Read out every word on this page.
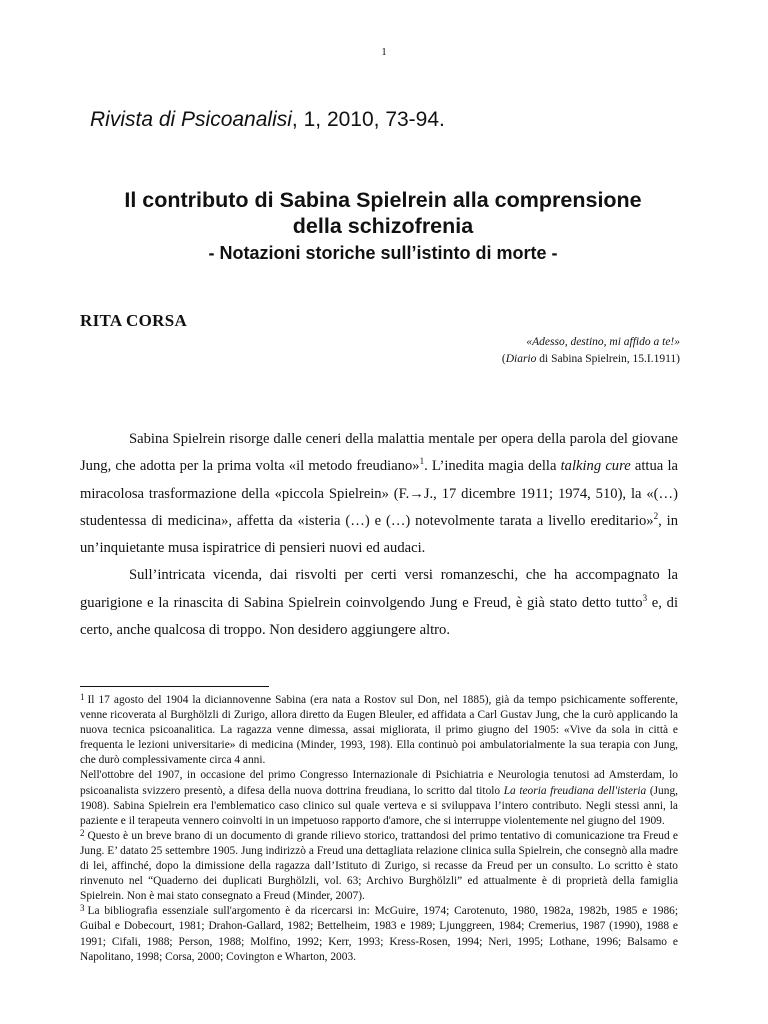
1
Rivista di Psicoanalisi, 1, 2010, 73-94.
Il contributo di Sabina Spielrein alla comprensione
della schizofrenia
- Notazioni storiche sull’istinto di morte -
RITA CORSA
«Adesso, destino, mi affido a te!»
(Diario di Sabina Spielrein, 15.I.1911)

Sabina Spielrein risorge dalle ceneri della malattia mentale per opera della parola del giovane Jung, che adotta per la prima volta «il metodo freudiano»$^1$. L’inedita magia della talking cure attua la miracolosa trasformazione della «piccola Spielrein» (F.→J., 17 dicembre 1911; 1974, 510), la «(…) studentessa di medicina», affetta da «isteria (…) e (…) notevolmente tarata a livello ereditario»$^2$, in un’inquietante musa ispiratrice di pensieri nuovi ed audaci.

Sull’intricata vicenda, dai risvolti per certi versi romanzeschi, che ha accompagnato la guarigione e la rinascita di Sabina Spielrein coinvolgendo Jung e Freud, è già stato detto tutto$^3$ e, di certo, anche qualcosa di troppo. Non desidero aggiungere altro.

$^1$ Il 17 agosto del 1904 la diciannovenne Sabina (era nata a Rostov sul Don, nel 1885), già da tempo psichicamente sofferente, venne ricoverata al Burghölzli di Zurigo, allora diretto da Eugen Bleuler, ed affidata a Carl Gustav Jung, che la curò applicando la nuova tecnica psicoanalitica. La ragazza venne dimessa, assai migliorata, il primo giugno del 1905: «Vive da sola in città e frequenta le lezioni universitarie» di medicina (Minder, 1993, 198). Ella continuò poi ambulatorialmente la sua terapia con Jung, che durò complessivamente circa 4 anni.

Nell'ottobre del 1907, in occasione del primo Congresso Internazionale di Psichiatria e Neurologia tenutosi ad Amsterdam, lo psicoanalista svizzero presentò, a difesa della nuova dottrina freudiana, lo scritto dal titolo La teoria freudiana dell'isteria (Jung, 1908). Sabina Spielrein era l'emblematico caso clinico sul quale verteva e si sviluppava l’intero contributo. Negli stessi anni, la paziente e il terapeuta vennero coinvolti in un impetuoso rapporto d'amore, che si interruppe violentemente nel giugno del 1909.

$^2$ Questo è un breve brano di un documento di grande rilievo storico, trattandosi del primo tentativo di comunicazione tra Freud e Jung. E’ datato 25 settembre 1905. Jung indirizzò a Freud una dettagliata relazione clinica sulla Spielrein, che consegnò alla madre di lei, affinché, dopo la dimissione della ragazza dall’Istituto di Zurigo, si recasse da Freud per un consulto. Lo scritto è stato rinvenuto nel “Quaderno dei duplicati Burghölzli, vol. 63; Archivo Burghölzli” ed attualmente è di proprietà della famiglia Spielrein. Non è mai stato consegnato a Freud (Minder, 2007).

$^3$ La bibliografia essenziale sull'argomento è da ricercarsi in: McGuire, 1974; Carotenuto, 1980, 1982a, 1982b, 1985 e 1986; Guibal e Dobecourt, 1981; Drahon-Gallard, 1982; Bettelheim, 1983 e 1989; Ljunggreen, 1984; Cremerius, 1987 (1990), 1988 e 1991; Cifali, 1988; Person, 1988; Molfino, 1992; Kerr, 1993; Kress-Rosen, 1994; Neri, 1995; Lothane, 1996; Balsamo e Napolitano, 1998; Corsa, 2000; Covington e Wharton, 2003.
